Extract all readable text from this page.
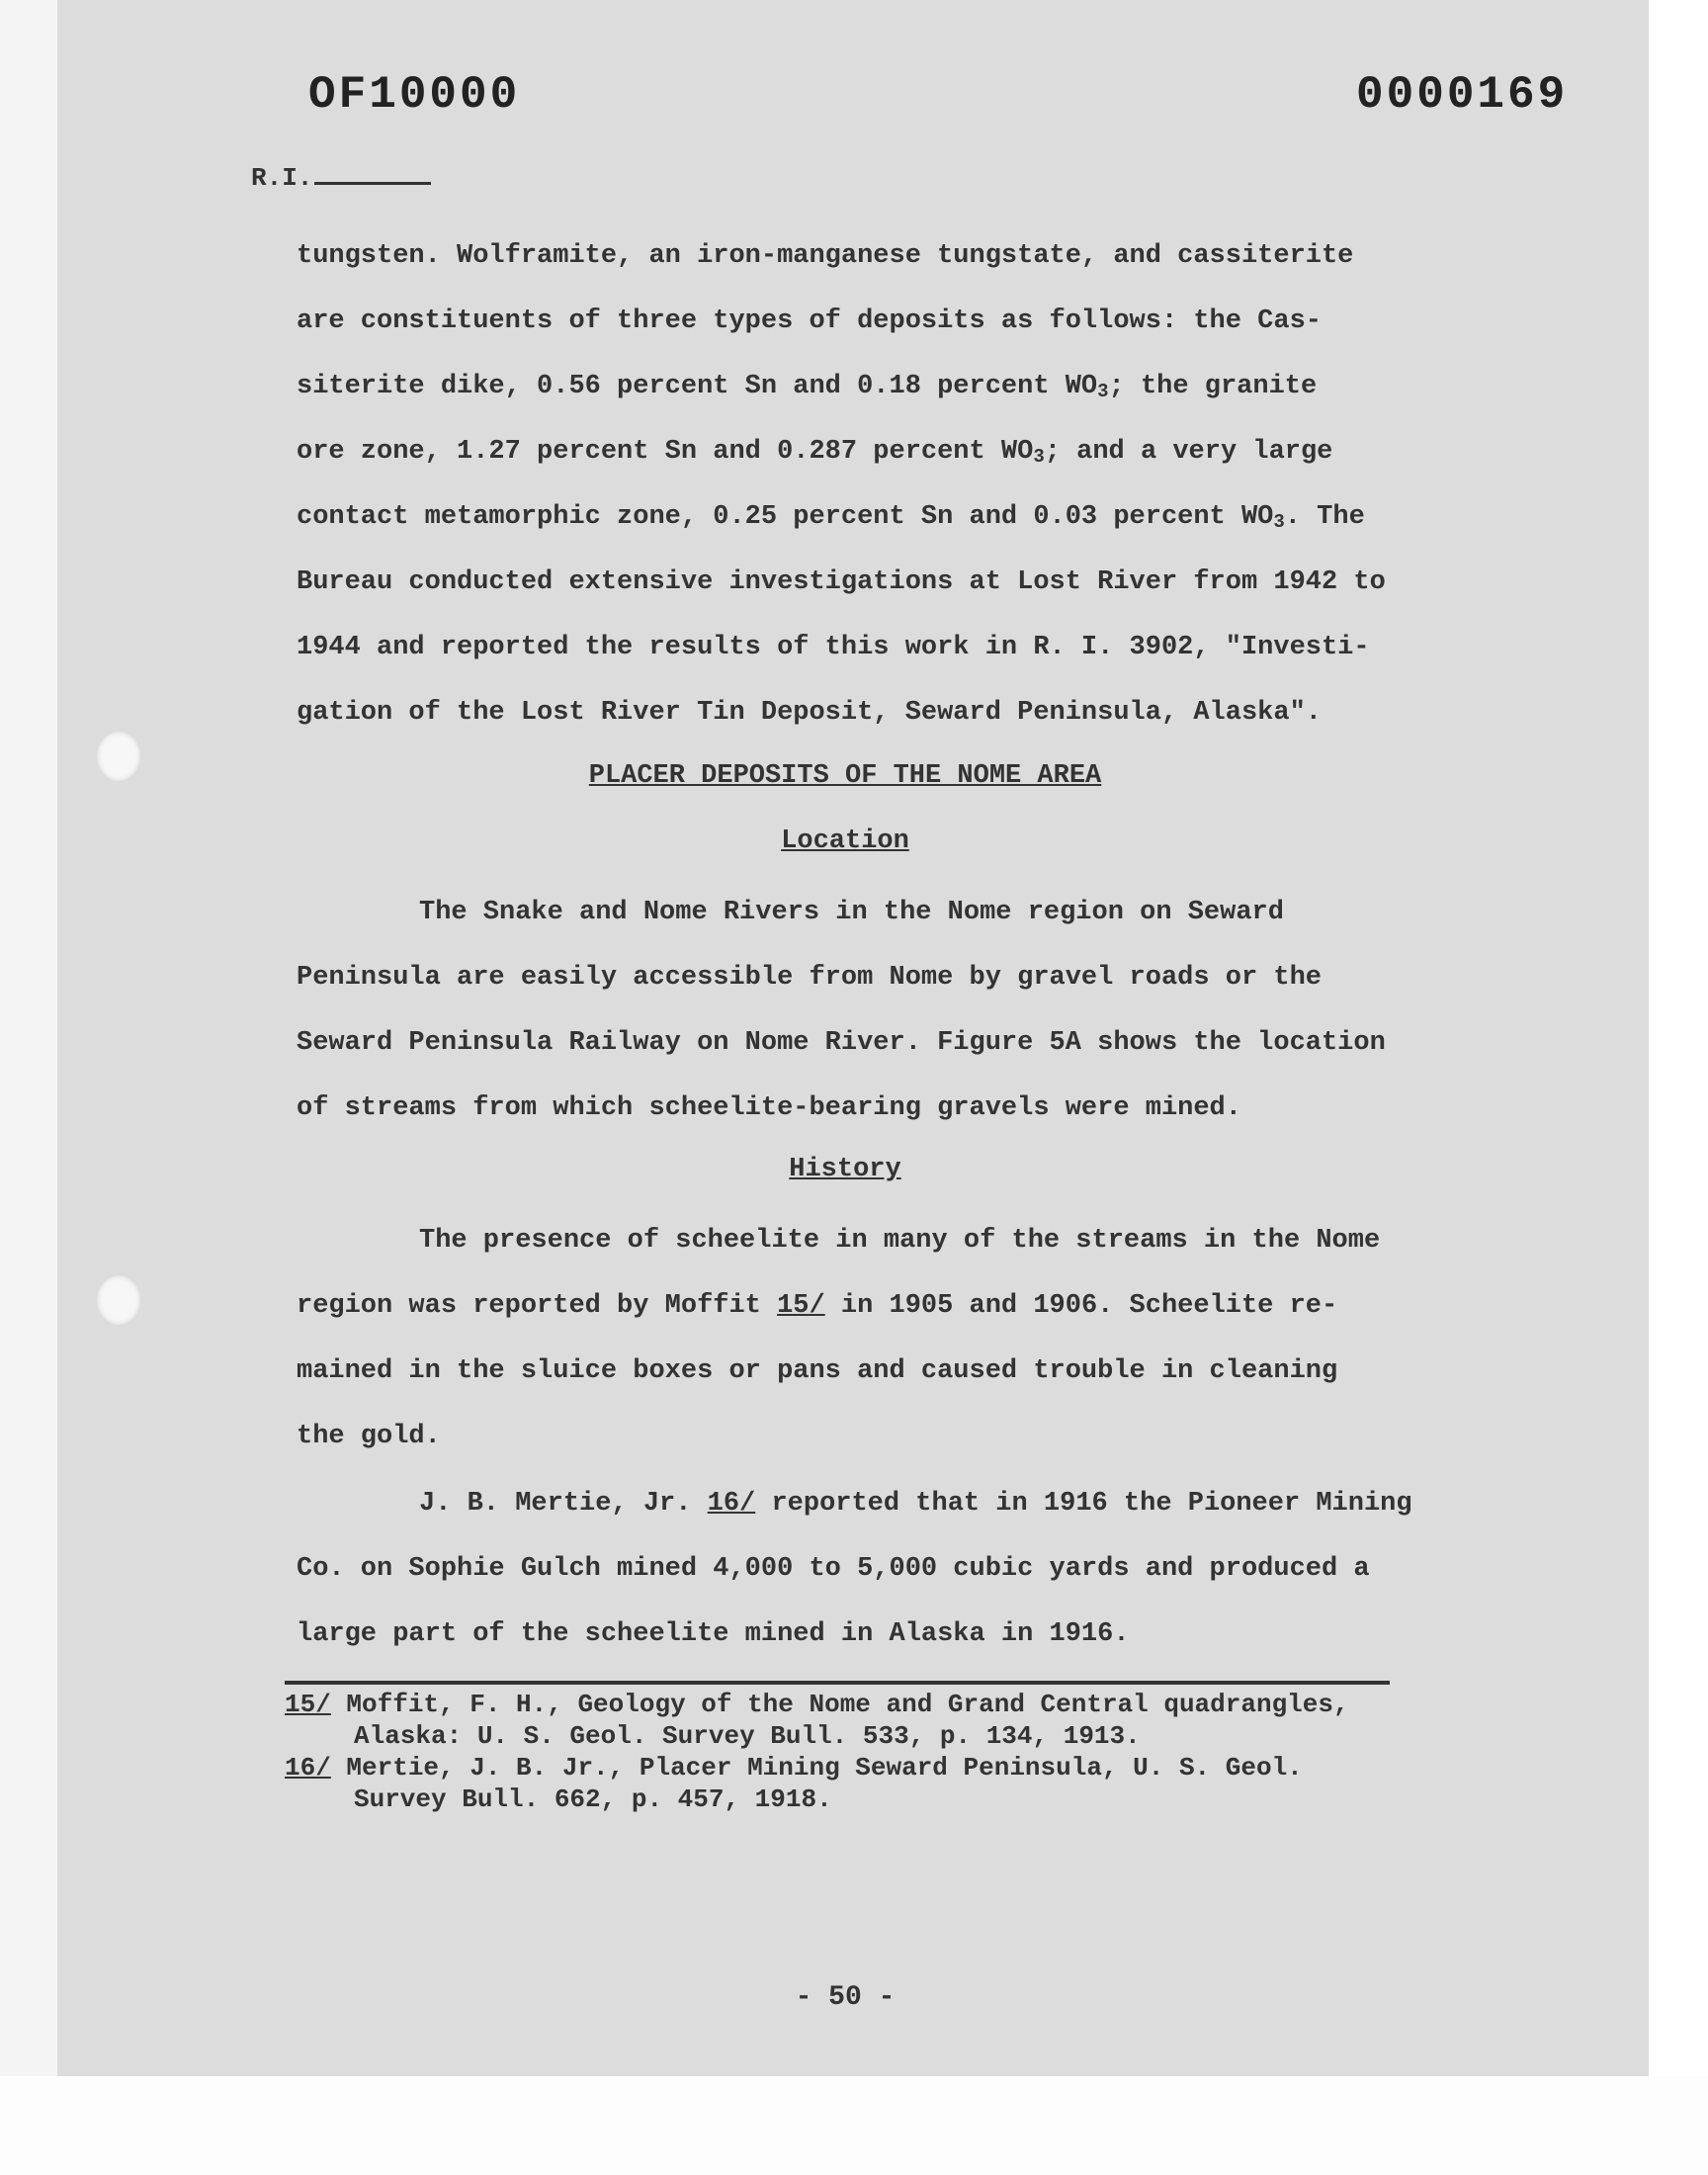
OF10000	0000169
R.I.
tungsten. Wolframite, an iron-manganese tungstate, and cassiterite
are constituents of three types of deposits as follows: the Cas-
siterite dike, 0.56 percent Sn and 0.18 percent $WO_3$; the granite
ore zone, 1.27 percent Sn and 0.287 percent $WO_3$; and a very large
contact metamorphic zone, 0.25 percent Sn and 0.03 percent $WO_3$. The
Bureau conducted extensive investigations at Lost River from 1942 to
1944 and reported the results of this work in R. I. 3902, "Investi-
gation of the Lost River Tin Deposit, Seward Peninsula, Alaska".
PLACER DEPOSITS OF THE NOME AREA
Location
The Snake and Nome Rivers in the Nome region on Seward
Peninsula are easily accessible from Nome by gravel roads or the
Seward Peninsula Railway on Nome River. Figure 5A shows the location
of streams from which scheelite-bearing gravels were mined.
History
The presence of scheelite in many of the streams in the Nome
region was reported by Moffit 15/ in 1905 and 1906. Scheelite re-
mained in the sluice boxes or pans and caused trouble in cleaning
the gold.
J. B. Mertie, Jr. 16/ reported that in 1916 the Pioneer Mining
Co. on Sophie Gulch mined 4,000 to 5,000 cubic yards and produced a
large part of the scheelite mined in Alaska in 1916.
15/ Moffit, F. H., Geology of the Nome and Grand Central quadrangles,
Alaska: U. S. Geol. Survey Bull. 533, p. 134, 1913.
16/ Mertie, J. B. Jr., Placer Mining Seward Peninsula, U. S. Geol.
Survey Bull. 662, p. 457, 1918.
- 50 -
